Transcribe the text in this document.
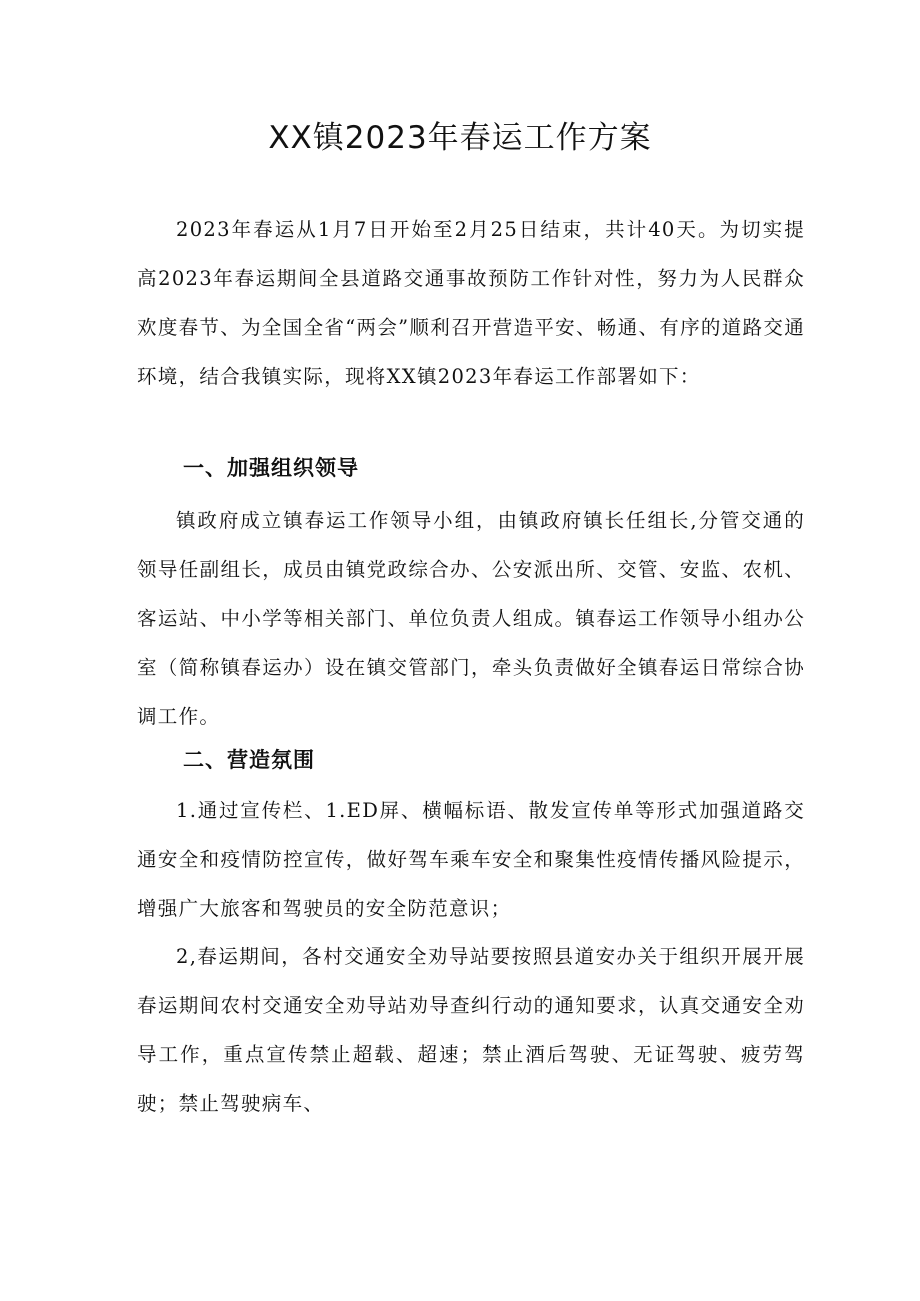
XX镇2023年春运工作方案

2023年春运从1月7日开始至2月25日结束，共计40天。为切实提高2023年春运期间全县道路交通事故预防工作针对性，努力为人民群众欢度春节、为全国全省“两会”顺利召开营造平安、畅通、有序的道路交通环境，结合我镇实际，现将XX镇2023年春运工作部署如下：

一、加强组织领导

镇政府成立镇春运工作领导小组，由镇政府镇长任组长,分管交通的领导任副组长，成员由镇党政综合办、公安派出所、交管、安监、农机、客运站、中小学等相关部门、单位负责人组成。镇春运工作领导小组办公室（简称镇春运办）设在镇交管部门，牵头负责做好全镇春运日常综合协调工作。

二、营造氛围

1.通过宣传栏、1.ED屏、横幅标语、散发宣传单等形式加强道路交通安全和疫情防控宣传，做好驾车乘车安全和聚集性疫情传播风险提示，增强广大旅客和驾驶员的安全防范意识；

2,春运期间，各村交通安全劝导站要按照县道安办关于组织开展开展春运期间农村交通安全劝导站劝导查纠行动的通知要求，认真交通安全劝导工作，重点宣传禁止超载、超速；禁止酒后驾驶、无证驾驶、疲劳驾驶；禁止驾驶病车、
